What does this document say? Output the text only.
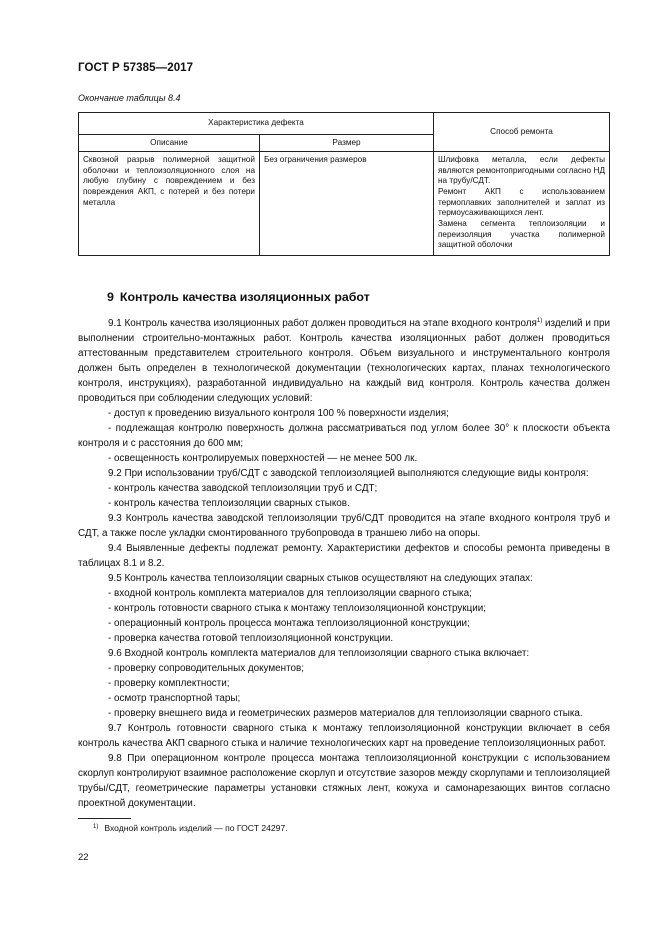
ГОСТ Р 57385—2017
Окончание таблицы 8.4
Характеристика дефекта		Способ ремонта
Описание	Размер	
Сквозной разрыв полимерной защитной оболочки и теплоизоляционного слоя на любую глубину с повреждением и без повреждения АКП, с потерей и без потери металла	Без ограничения размеров	Шлифовка металла, если дефекты являются ремонтопригодными согласно НД на трубу/СДТ.
Ремонт АКП с использованием термоплавких заполнителей и заплат из термоусаживающихся лент.
Замена сегмента теплоизоляции и переизоляция участка полимерной защитной оболочки
9 Контроль качества изоляционных работ

9.1 Контроль качества изоляционных работ должен проводиться на этапе входного контроля$^{1)}$ изделий и при выполнении строительно-монтажных работ. Контроль качества изоляционных работ должен проводиться аттестованным представителем строительного контроля. Объем визуального и инструментального контроля должен быть определен в технологической документации (технологических картах, планах технологического контроля, инструкциях), разработанной индивидуально на каждый вид контроля. Контроль качества должен проводиться при соблюдении следующих условий:

- доступ к проведению визуального контроля 100 % поверхности изделия;

- подлежащая контролю поверхность должна рассматриваться под углом более 30° к плоскости объекта контроля и с расстояния до 600 мм;

- освещенность контролируемых поверхностей — не менее 500 лк.

9.2 При использовании труб/СДТ с заводской теплоизоляцией выполняются следующие виды контроля:

- контроль качества заводской теплоизоляции труб и СДТ;

- контроль качества теплоизоляции сварных стыков.

9.3 Контроль качества заводской теплоизоляции труб/СДТ проводится на этапе входного контроля труб и СДТ, а также после укладки смонтированного трубопровода в траншею либо на опоры.

9.4 Выявленные дефекты подлежат ремонту. Характеристики дефектов и способы ремонта приведены в таблицах 8.1 и 8.2.

9.5 Контроль качества теплоизоляции сварных стыков осуществляют на следующих этапах:

- входной контроль комплекта материалов для теплоизоляции сварного стыка;

- контроль готовности сварного стыка к монтажу теплоизоляционной конструкции;

- операционный контроль процесса монтажа теплоизоляционной конструкции;

- проверка качества готовой теплоизоляционной конструкции.

9.6 Входной контроль комплекта материалов для теплоизоляции сварного стыка включает:

- проверку сопроводительных документов;

- проверку комплектности;

- осмотр транспортной тары;

- проверку внешнего вида и геометрических размеров материалов для теплоизоляции сварного стыка.

9.7 Контроль готовности сварного стыка к монтажу теплоизоляционной конструкции включает в себя контроль качества АКП сварного стыка и наличие технологических карт на проведение теплоизоляционных работ.

9.8 При операционном контроле процесса монтажа теплоизоляционной конструкции с использованием скорлуп контролируют взаимное расположение скорлуп и отсутствие зазоров между скорлупами и теплоизоляцией трубы/СДТ, геометрические параметры установки стяжных лент, кожуха и самонарезающих винтов согласно проектной документации.

$^{1)}$ Входной контроль изделий — по ГОСТ 24297.
22
